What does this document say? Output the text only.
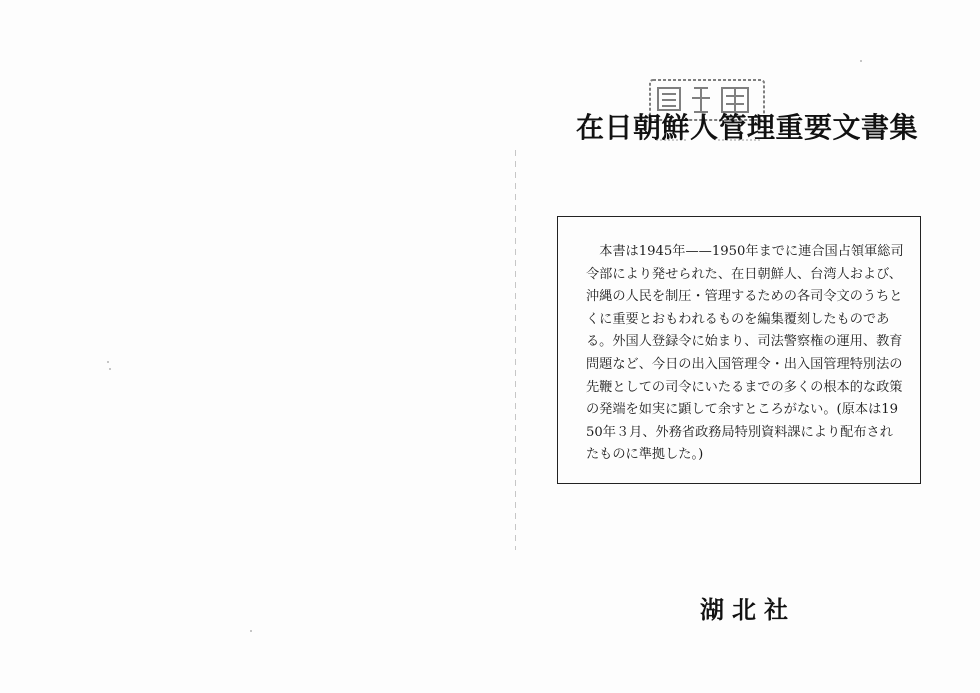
在日朝鮮人管理重要文書集
本書は1945年——1950年までに連合国占領軍総司令部により発せられた、在日朝鮮人、台湾人および、沖縄の人民を制圧・管理するための各司令文のうちとくに重要とおもわれるものを編集覆刻したものである。外国人登録令に始まり、司法警察権の運用、教育問題など、今日の出入国管理令・出入国管理特別法の先鞭としての司令にいたるまでの多くの根本的な政策の発端を如実に顕して余すところがない。(原本は1950年３月、外務省政務局特別資料課により配布されたものに準拠した。)
湖北社
